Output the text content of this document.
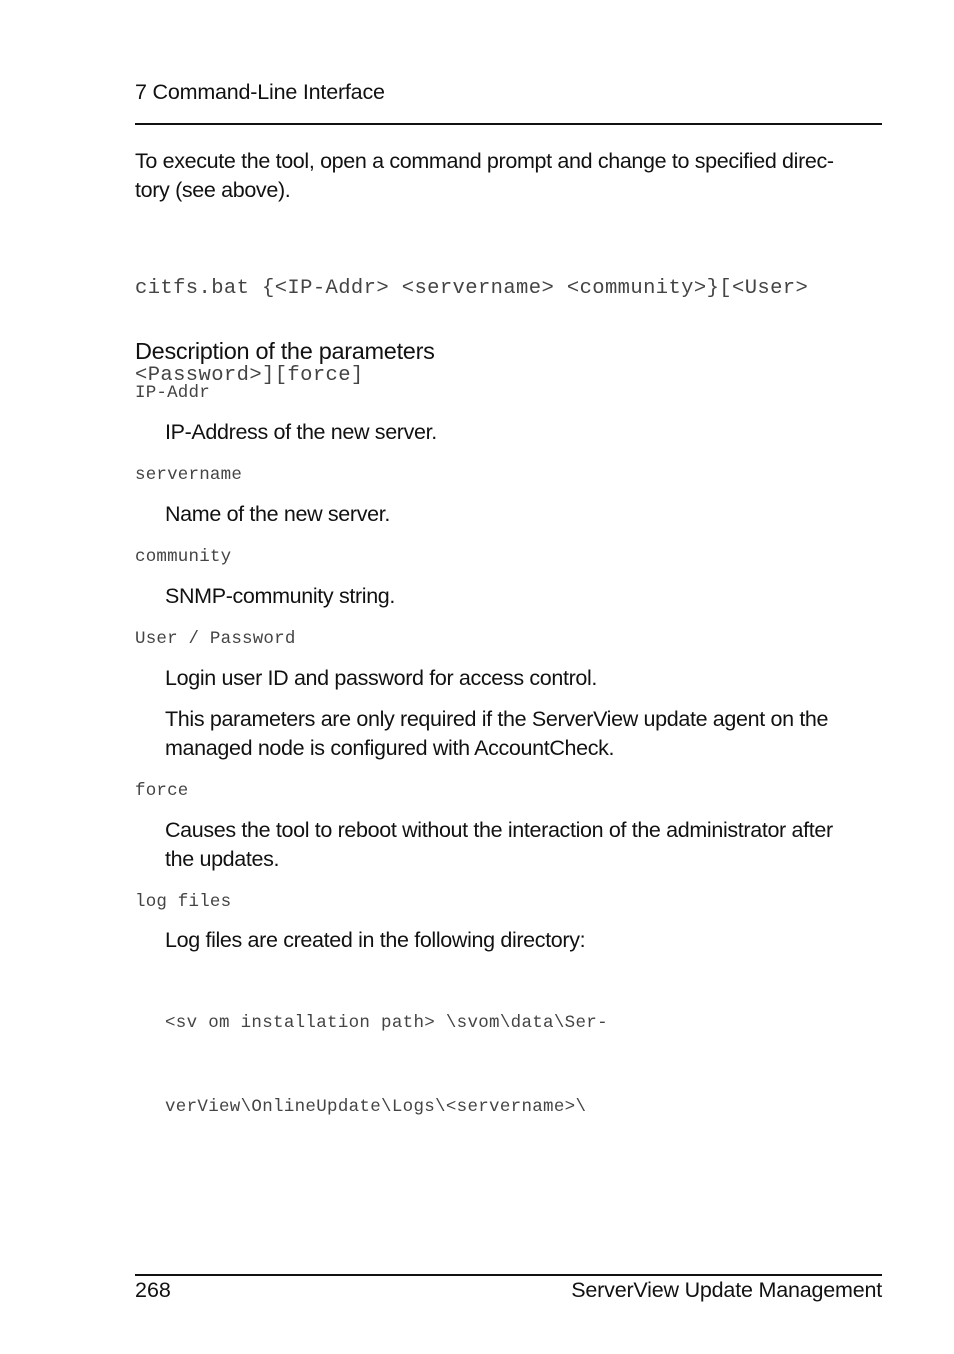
7 Command-Line Interface
To execute the tool, open a command prompt and change to specified direc-
tory (see above).

citfs.bat {<IP-Addr> <servername> <community>}[<User>

<Password>][force]

Description of the parameters
IP-Addr
IP-Address of the new server.
servername
Name of the new server.
community
SNMP-community string.
User / Password
Login user ID and password for access control.
This parameters are only required if the ServerView update agent on the
managed node is configured with AccountCheck.
force
Causes the tool to reboot without the interaction of the administrator after
the updates.
log files
Log files are created in the following directory:

<sv om installation path> \svom\data\Ser-

verView\OnlineUpdate\Logs\<servername>\

268	ServerView Update Management
